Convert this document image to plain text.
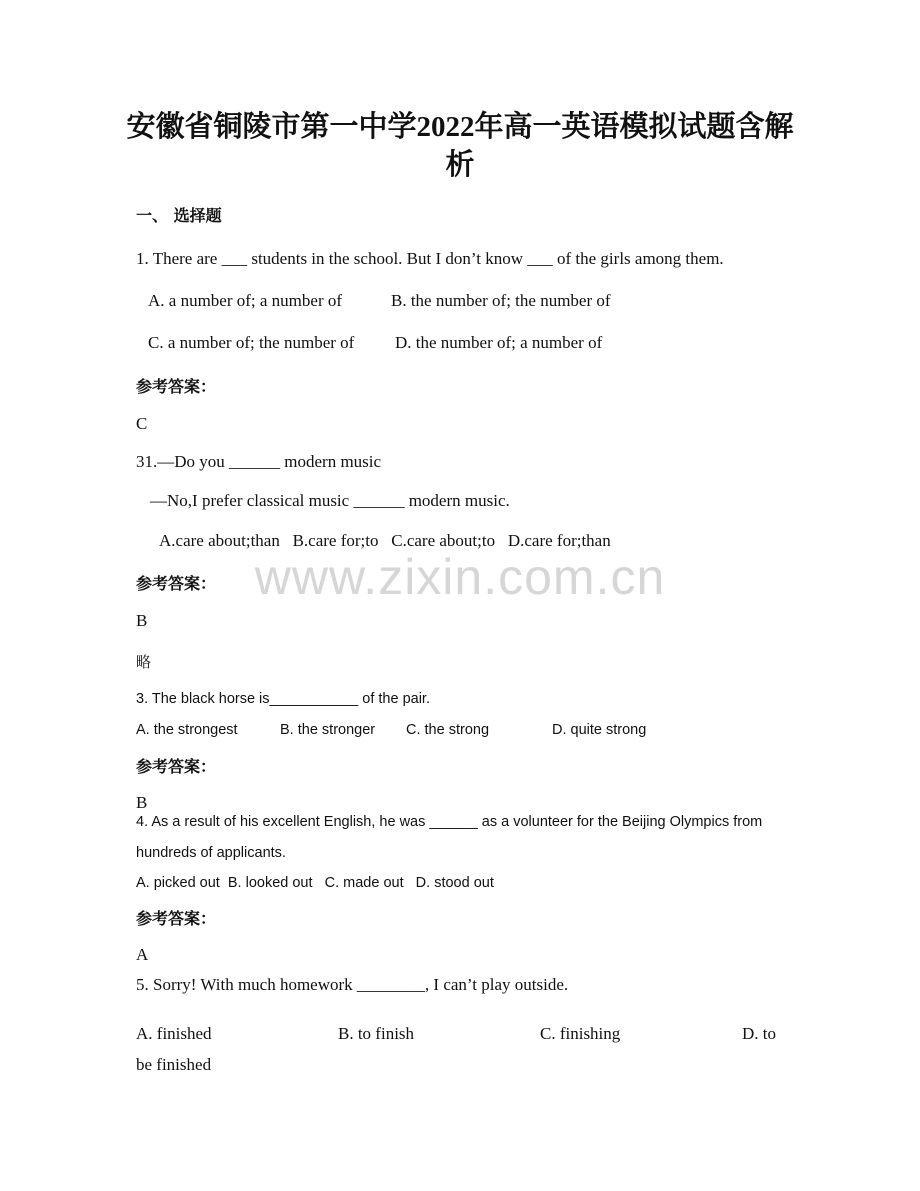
www.zixin.com.cn
安徽省铜陵市第一中学2022年高一英语模拟试题含解
析
一、 选择题
1. There are ___ students in the school. But I don’t know ___ of the girls among them.
A. a number of; a number of	B. the number of; the number of
C. a number of; the number of D. the number of; a number of
参考答案：
C
31.—Do you ______ modern music
—No,I prefer classical music ______ modern music.
A.care about;than   B.care for;to   C.care about;to   D.care for;than
参考答案：
B
略
3. The black horse is___________ of the pair.
A. the strongest	B. the stronger C. the strong	D. quite strong
参考答案：
B
4. As a result of his excellent English, he was ______ as a volunteer for the Beijing Olympics from
hundreds of applicants.
A. picked out  B. looked out   C. made out   D. stood out
参考答案：
A
5. Sorry! With much homework ________, I can’t play outside.
A. finished	B. to finish	C. finishing	D. to
be finished
